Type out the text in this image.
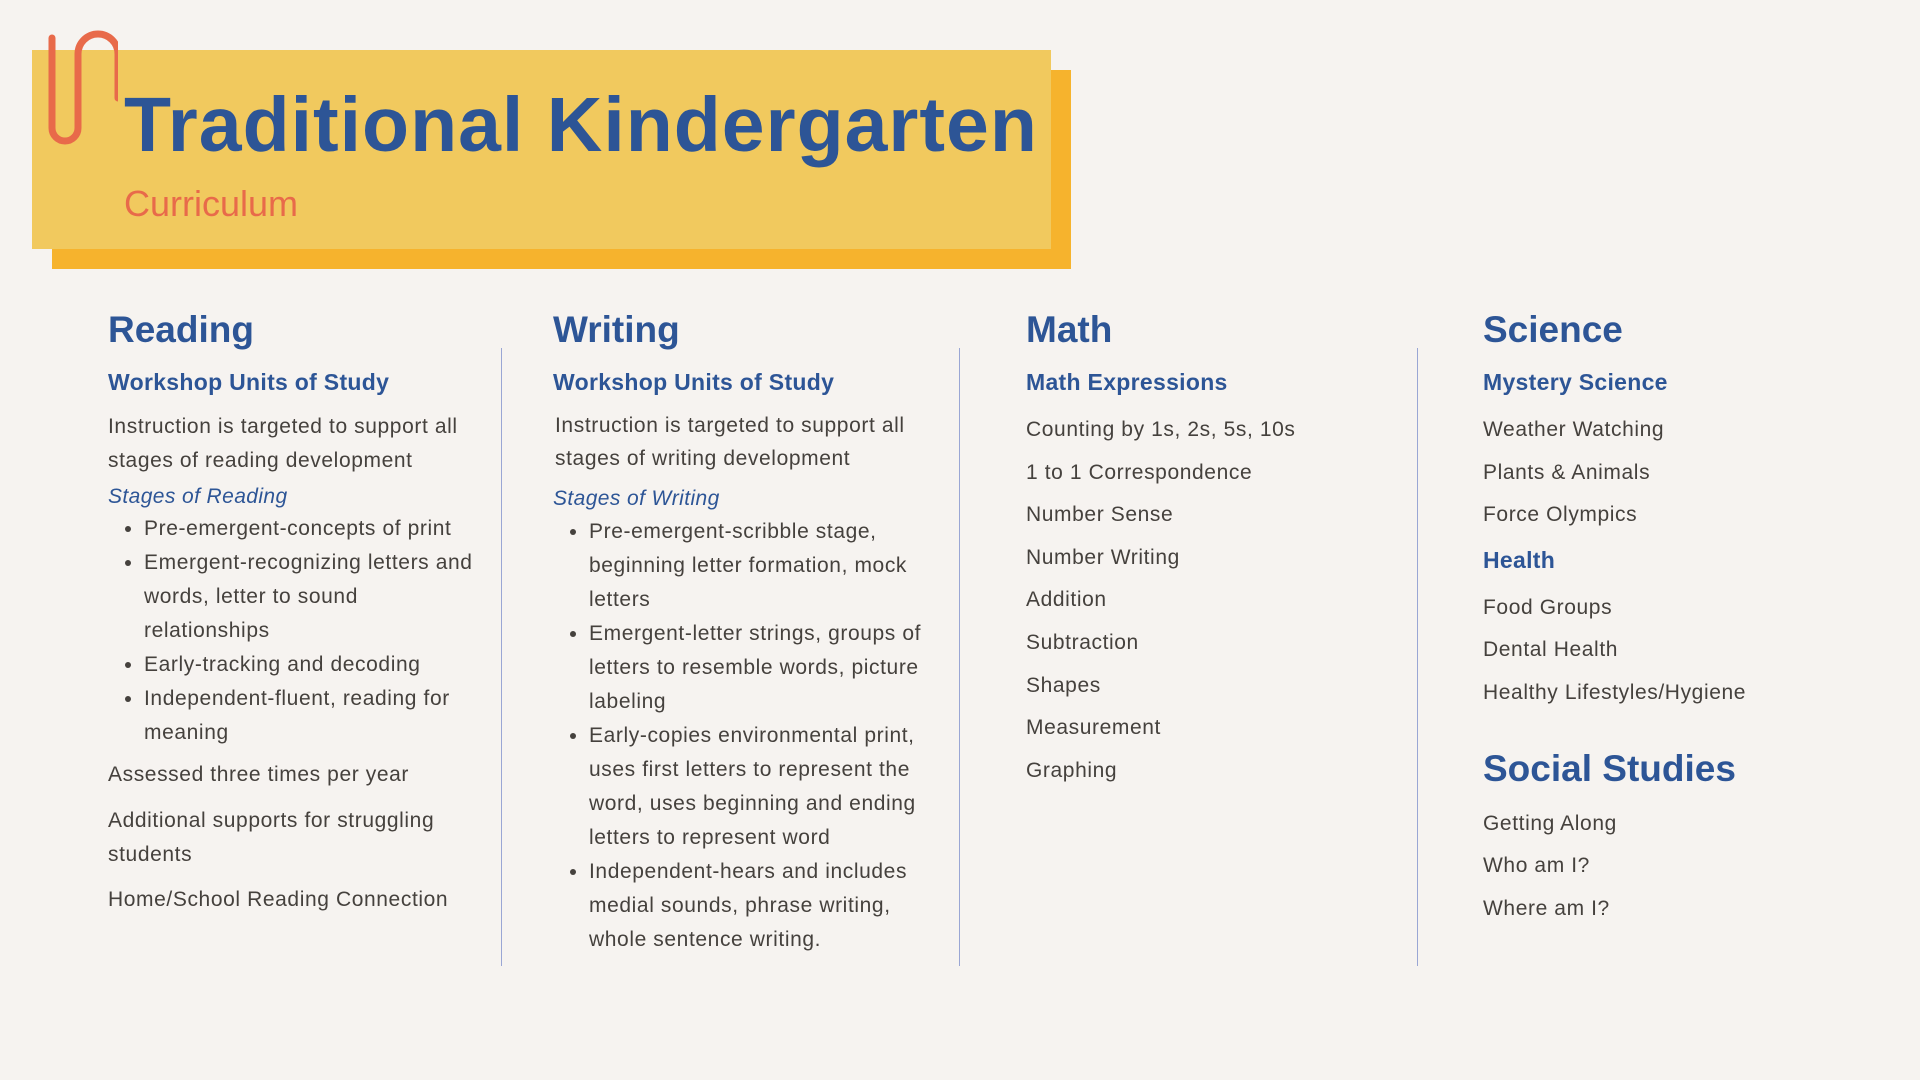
Traditional Kindergarten
Curriculum
Reading

Workshop Units of Study

Instruction is targeted to support all stages of reading development

Stages of Reading

• Pre-emergent-concepts of print
• Emergent-recognizing letters and words, letter to sound relationships
• Early-tracking and decoding
• Independent-fluent, reading for meaning

Assessed three times per year

Additional supports for struggling students

Home/School Reading Connection

Writing

Workshop Units of Study

Instruction is targeted to support all stages of writing development

Stages of Writing

• Pre-emergent-scribble stage, beginning letter formation, mock letters
• Emergent-letter strings, groups of letters to resemble words, picture labeling
• Early-copies environmental print, uses first letters to represent the word, uses beginning and ending letters to represent word
• Independent-hears and includes medial sounds, phrase writing, whole sentence writing.
Math

Math Expressions

Counting by 1s, 2s, 5s, 10s
1 to 1 Correspondence
Number Sense
Number Writing
Addition
Subtraction
Shapes
Measurement
Graphing
Science

Mystery Science

Weather Watching
Plants & Animals
Force Olympics
Health
Food Groups
Dental Health
Healthy Lifestyles/Hygiene
Social Studies
Getting Along
Who am I?
Where am I?
